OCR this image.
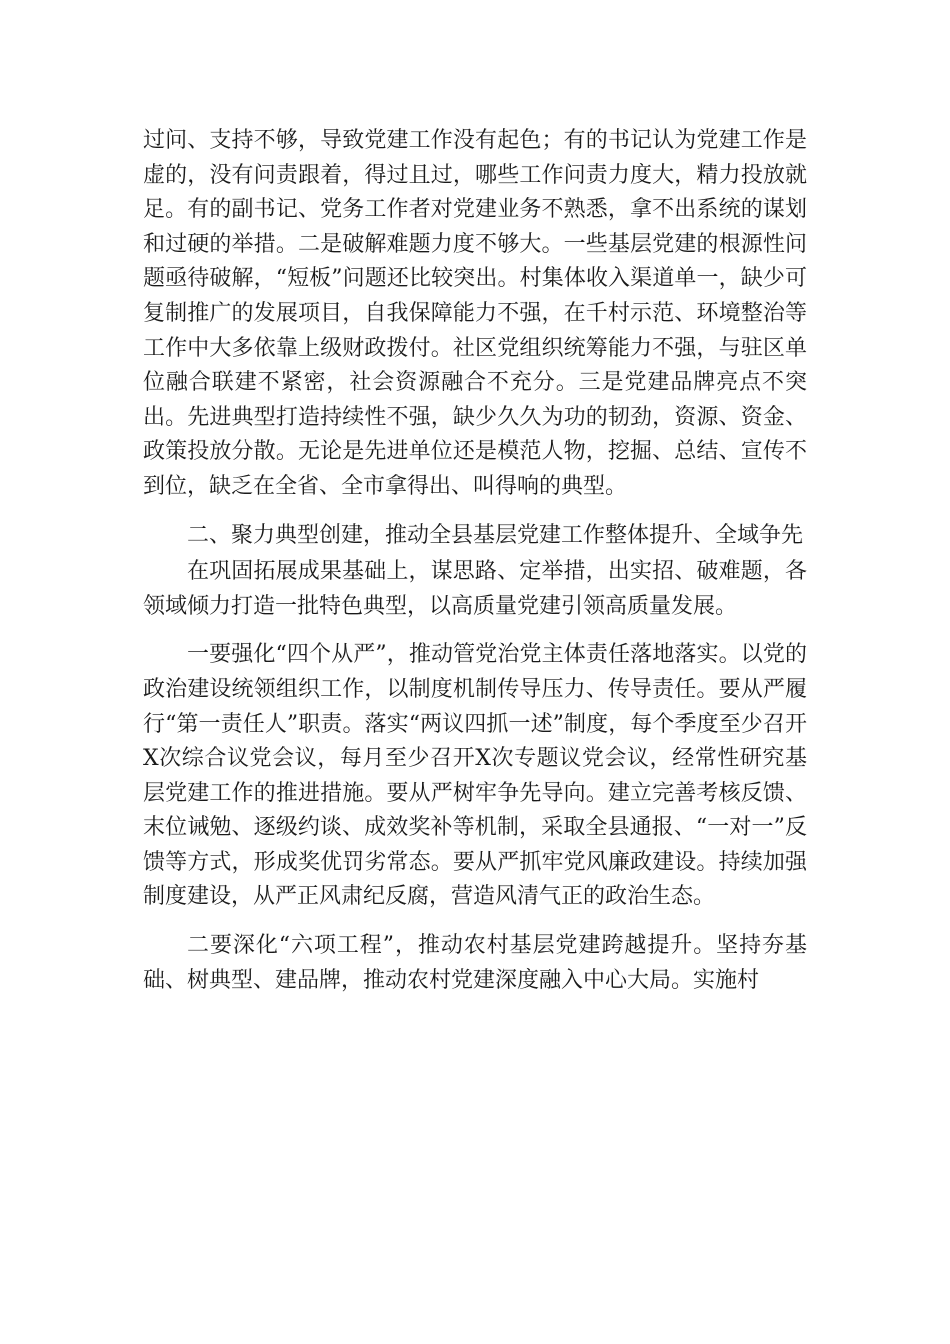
过问、支持不够，导致党建工作没有起色；有的书记认为党建工作是虚的，没有问责跟着，得过且过，哪些工作问责力度大，精力投放就足。有的副书记、党务工作者对党建业务不熟悉，拿不出系统的谋划和过硬的举措。二是破解难题力度不够大。一些基层党建的根源性问题亟待破解，“短板”问题还比较突出。村集体收入渠道单一，缺少可复制推广的发展项目，自我保障能力不强，在千村示范、环境整治等工作中大多依靠上级财政拨付。社区党组织统筹能力不强，与驻区单位融合联建不紧密，社会资源融合不充分。三是党建品牌亮点不突出。先进典型打造持续性不强，缺少久久为功的韧劲，资源、资金、政策投放分散。无论是先进单位还是模范人物，挖掘、总结、宣传不到位，缺乏在全省、全市拿得出、叫得响的典型。

二、聚力典型创建，推动全县基层党建工作整体提升、全域争先

在巩固拓展成果基础上，谋思路、定举措，出实招、破难题，各领域倾力打造一批特色典型，以高质量党建引领高质量发展。

一要强化“四个从严”，推动管党治党主体责任落地落实。以党的政治建设统领组织工作，以制度机制传导压力、传导责任。要从严履行“第一责任人”职责。落实“两议四抓一述”制度，每个季度至少召开X次综合议党会议，每月至少召开X次专题议党会议，经常性研究基层党建工作的推进措施。要从严树牢争先导向。建立完善考核反馈、末位诫勉、逐级约谈、成效奖补等机制，采取全县通报、“一对一”反馈等方式，形成奖优罚劣常态。要从严抓牢党风廉政建设。持续加强制度建设，从严正风肃纪反腐，营造风清气正的政治生态。

二要深化“六项工程”，推动农村基层党建跨越提升。坚持夯基础、树典型、建品牌，推动农村党建深度融入中心大局。实施村
